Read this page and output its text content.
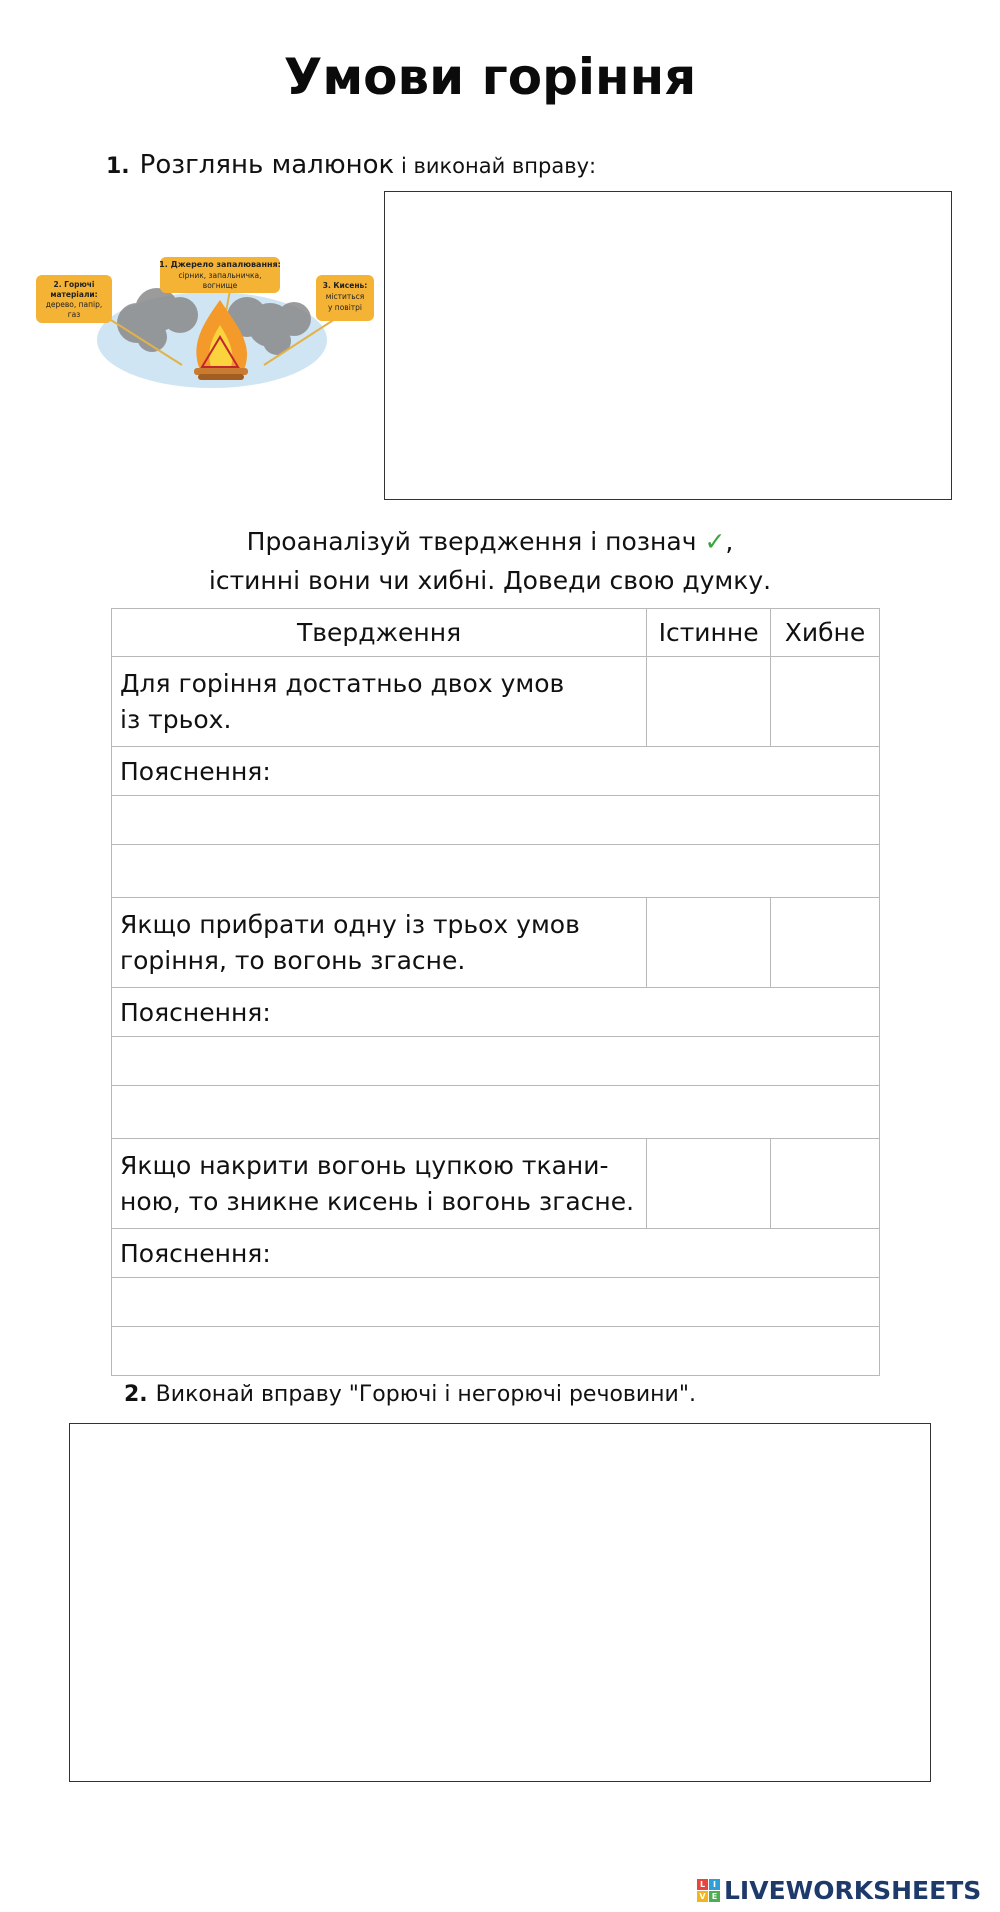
Умови горіння
1. Розглянь малюнок і виконай вправу:
1. Джерело запалювання:
сірник, запальничка,
вогнище
2. Горючі
матеріали:
дерево, папір,
газ
3. Кисень:
міститься
у повітрі
Проаналізуй твердження і познач ✓,
істинні вони чи хибні. Доведи свою думку.
Твердження	Істинне	Хибне
Для горіння достатньо двох умов
із трьох.		
Пояснення:		

Якщо прибрати одну із трьох умов
горіння, то вогонь згасне.		
Пояснення:		

Якщо накрити вогонь цупкою ткани-
ною, то зникне кисень і вогонь згасне.		
Пояснення:		

2. Виконай вправу "Горючі і негорючі речовини".
L I
V E LIVEWORKSHEETS
